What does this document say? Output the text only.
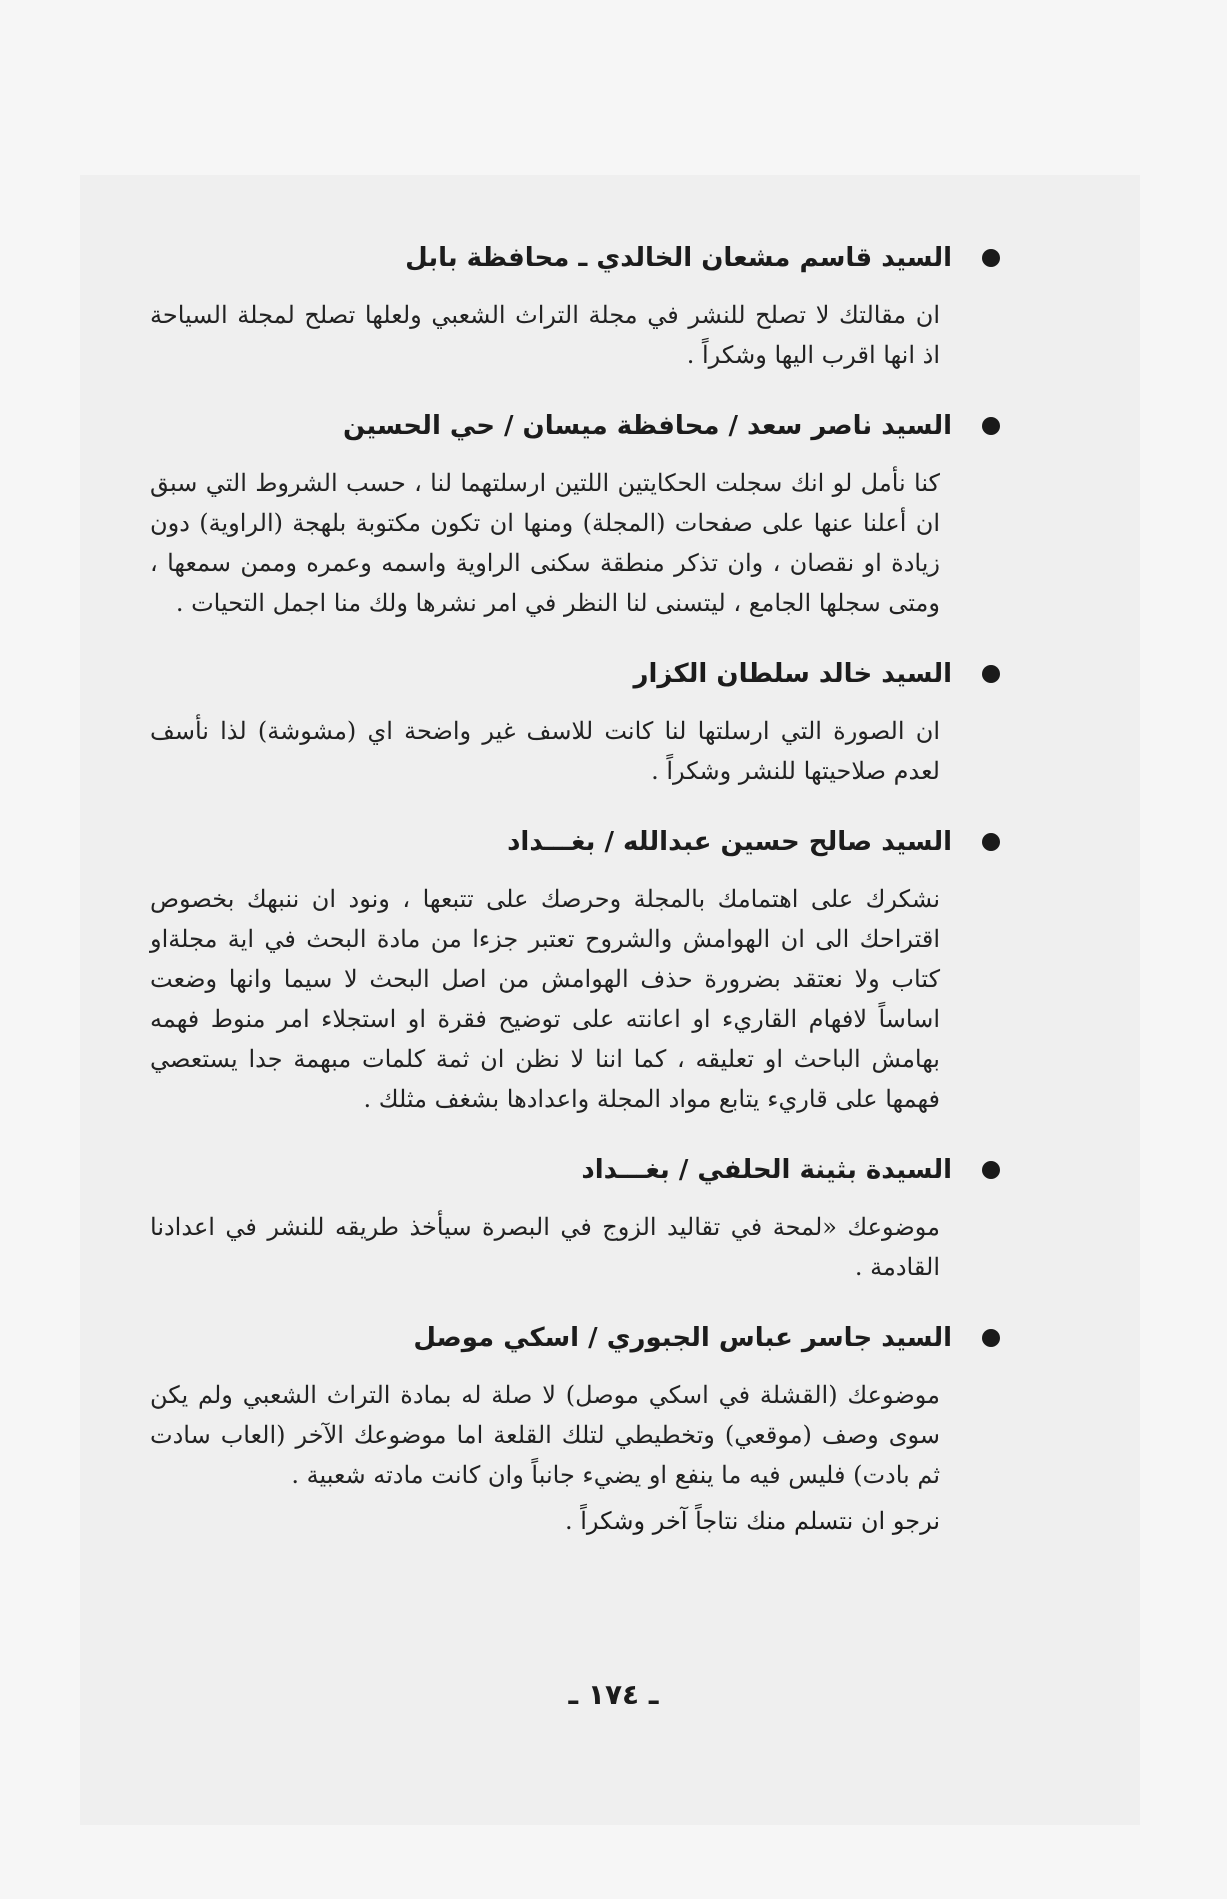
السيد قاسم مشعان الخالدي ـ محافظة بابل
ان مقالتك لا تصلح للنشر في مجلة التراث الشعبي ولعلها تصلح لمجلة السياحة اذ انها اقرب اليها وشكراً .
السيد ناصر سعد / محافظة ميسان / حي الحسين
كنا نأمل لو انك سجلت الحكايتين اللتين ارسلتهما لنا ، حسب الشروط التي سبق ان أعلنا عنها على صفحات (المجلة) ومنها ان تكون مكتوبة بلهجة (الراوية) دون زيادة او نقصان ، وان تذكر منطقة سكنى الراوية واسمه وعمره وممن سمعها ، ومتى سجلها الجامع ، ليتسنى لنا النظر في امر نشرها ولك منا اجمل التحيات .
السيد خالد سلطان الكزار
ان الصورة التي ارسلتها لنا كانت للاسف غير واضحة اي (مشوشة) لذا نأسف لعدم صلاحيتها للنشر وشكراً .
السيد صالح حسين عبدالله / بغـــداد
نشكرك على اهتمامك بالمجلة وحرصك على تتبعها ، ونود ان ننبهك بخصوص اقتراحك الى ان الهوامش والشروح تعتبر جزءا من مادة البحث في اية مجلةاو كتاب ولا نعتقد بضرورة حذف الهوامش من اصل البحث لا سيما وانها وضعت اساساً لافهام القاريء او اعانته على توضيح فقرة او استجلاء امر منوط فهمه بهامش الباحث او تعليقه ، كما اننا لا نظن ان ثمة كلمات مبهمة جدا يستعصي فهمها على قاريء يتابع مواد المجلة واعدادها بشغف مثلك .
السيدة بثينة الحلفي / بغـــداد
موضوعك «لمحة في تقاليد الزوج في البصرة سيأخذ طريقه للنشر في اعدادنا القادمة .
السيد جاسر عباس الجبوري / اسكي موصل
موضوعك (القشلة في اسكي موصل) لا صلة له بمادة التراث الشعبي ولم يكن سوى وصف (موقعي) وتخطيطي لتلك القلعة اما موضوعك الآخر (العاب سادت ثم بادت) فليس فيه ما ينفع او يضيء جانباً وان كانت مادته شعبية .
نرجو ان نتسلم منك نتاجاً آخر وشكراً .
ـ ١٧٤ ـ
